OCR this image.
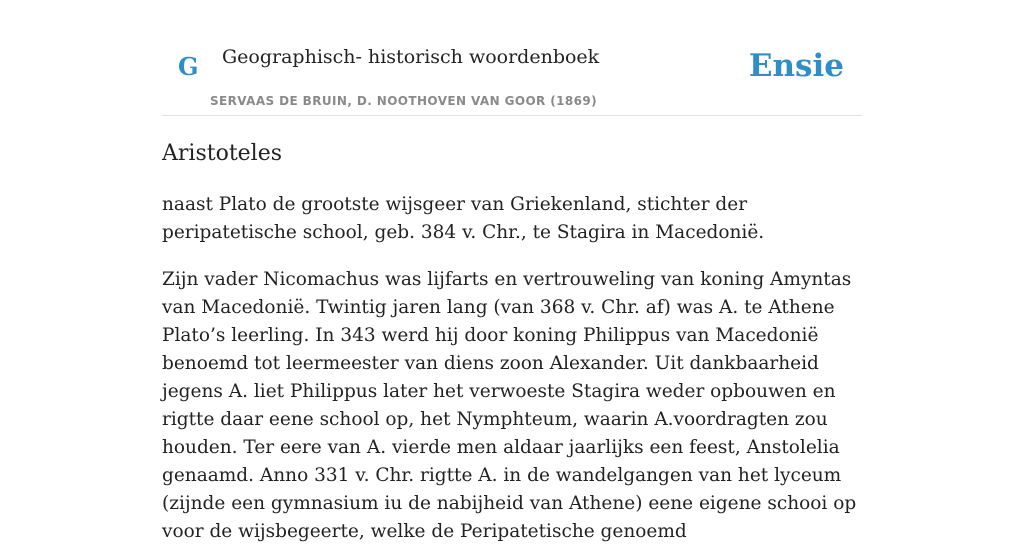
G Geographisch- historisch woordenboek
SERVAAS DE BRUIN, D. NOOTHOVEN VAN GOOR (1869)
Ensie
Aristoteles

naast Plato de grootste wijsgeer van Griekenland, stichter der peripatetische school, geb. 384 v. Chr., te Stagira in Macedonië.

Zijn vader Nicomachus was lijfarts en vertrouweling van koning Amyntas van Macedonië. Twintig jaren lang (van 368 v. Chr. af) was A. te Athene Plato’s leerling. In 343 werd hij door koning Philippus van Macedonië benoemd tot leermeester van diens zoon Alexander. Uit dankbaarheid jegens A. liet Philippus later het verwoeste Stagira weder opbouwen en rigtte daar eene school op, het Nymphteum, waarin A.voordragten zou houden. Ter eere van A. vierde men aldaar jaarlijks een feest, Anstolelia genaamd. Anno 331 v. Chr. rigtte A. in de wandelgangen van het lyceum (zijnde een gymnasium iu de nabijheid van Athene) eene eigene schooi op voor de wijsbegeerte, welke de Peripatetische genoemd
